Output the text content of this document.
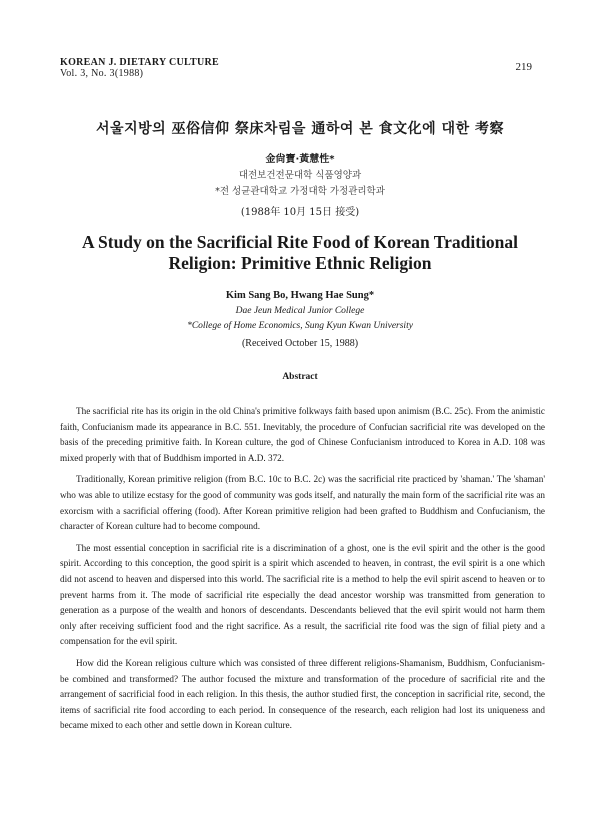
KOREAN J. DIETARY CULTURE
Vol. 3, No. 3(1988)
219
서울지방의 巫俗信仰 祭床차림을 通하여 본 食文化에 대한 考察
金尙寶·黃慧性*
대전보건전문대학 식품영양과
*전 성균관대학교 가정대학 가정관리학과
(1988年 10月 15日 接受)
A Study on the Sacrificial Rite Food of Korean Traditional
Religion: Primitive Ethnic Religion
Kim Sang Bo, Hwang Hae Sung*
Dae Jeun Medical Junior College
*College of Home Economics, Sung Kyun Kwan University
(Received October 15, 1988)
Abstract

The sacrificial rite has its origin in the old China's primitive folkways faith based upon animism (B.C. 25c). From the animistic faith, Confucianism made its appearance in B.C. 551. Inevitably, the procedure of Confucian sacrificial rite was developed on the basis of the preceding primitive faith. In Korean culture, the god of Chinese Confucianism introduced to Korea in A.D. 108 was mixed properly with that of Buddhism imported in A.D. 372.

Traditionally, Korean primitive religion (from B.C. 10c to B.C. 2c) was the sacrificial rite practiced by 'shaman.' The 'shaman' who was able to utilize ecstasy for the good of community was gods itself, and naturally the main form of the sacrificial rite was an exorcism with a sacrificial offering (food). After Korean primitive religion had been grafted to Buddhism and Confucianism, the character of Korean culture had to become compound.

The most essential conception in sacrificial rite is a discrimination of a ghost, one is the evil spirit and the other is the good spirit. According to this conception, the good spirit is a spirit which ascended to heaven, in contrast, the evil spirit is a one which did not ascend to heaven and dispersed into this world. The sacrificial rite is a method to help the evil spirit ascend to heaven or to prevent harms from it. The mode of sacrificial rite especially the dead ancestor worship was transmitted from generation to generation as a purpose of the wealth and honors of descendants. Descendants believed that the evil spirit would not harm them only after receiving sufficient food and the right sacrifice. As a result, the sacrificial rite food was the sign of filial piety and a compensation for the evil spirit.

How did the Korean religious culture which was consisted of three different religions-Shamanism, Buddhism, Confucianism-be combined and transformed? The author focused the mixture and transformation of the procedure of sacrificial rite and the arrangement of sacrificial food in each religion. In this thesis, the author studied first, the conception in sacrificial rite, second, the items of sacrificial rite food according to each period. In consequence of the research, each religion had lost its uniqueness and became mixed to each other and settle down in Korean culture.
